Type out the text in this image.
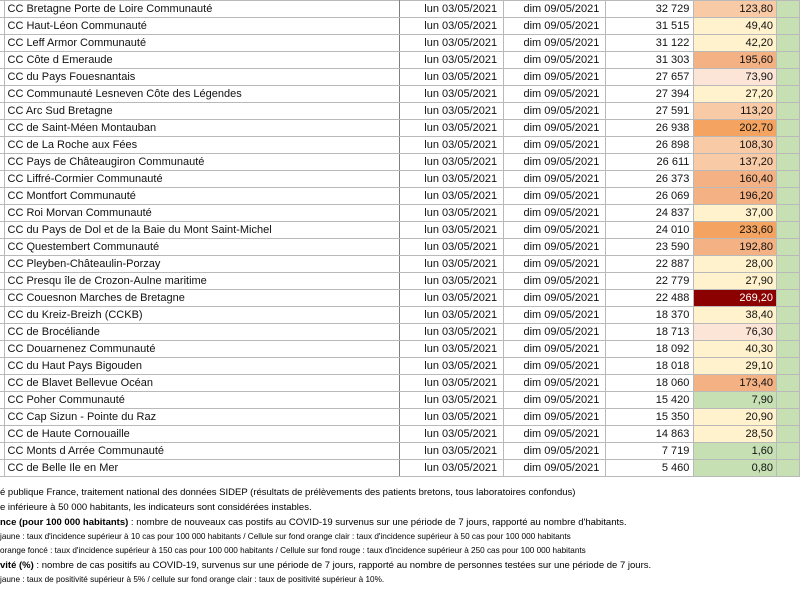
	CC Bretagne Porte de Loire Communauté	lun 03/05/2021	dim 09/05/2021	32 729	123,80	
	CC Haut-Léon Communauté	lun 03/05/2021	dim 09/05/2021	31 515	49,40	
	CC Leff Armor Communauté	lun 03/05/2021	dim 09/05/2021	31 122	42,20	
	CC Côte d Emeraude	lun 03/05/2021	dim 09/05/2021	31 303	195,60	
	CC du Pays Fouesnantais	lun 03/05/2021	dim 09/05/2021	27 657	73,90	
	CC Communauté Lesneven Côte des Légendes	lun 03/05/2021	dim 09/05/2021	27 394	27,20	
	CC Arc Sud Bretagne	lun 03/05/2021	dim 09/05/2021	27 591	113,20	
	CC de Saint-Méen Montauban	lun 03/05/2021	dim 09/05/2021	26 938	202,70	
	CC de La Roche aux Fées	lun 03/05/2021	dim 09/05/2021	26 898	108,30	
	CC Pays de Châteaugiron Communauté	lun 03/05/2021	dim 09/05/2021	26 611	137,20	
	CC Liffré-Cormier Communauté	lun 03/05/2021	dim 09/05/2021	26 373	160,40	
	CC Montfort Communauté	lun 03/05/2021	dim 09/05/2021	26 069	196,20	
	CC Roi Morvan Communauté	lun 03/05/2021	dim 09/05/2021	24 837	37,00	
	CC du Pays de Dol et de la Baie du Mont Saint-Michel	lun 03/05/2021	dim 09/05/2021	24 010	233,60	
	CC Questembert Communauté	lun 03/05/2021	dim 09/05/2021	23 590	192,80	
	CC Pleyben-Châteaulin-Porzay	lun 03/05/2021	dim 09/05/2021	22 887	28,00	
	CC Presqu île de Crozon-Aulne maritime	lun 03/05/2021	dim 09/05/2021	22 779	27,90	
	CC Couesnon Marches de Bretagne	lun 03/05/2021	dim 09/05/2021	22 488	269,20	
	CC du Kreiz-Breizh (CCKB)	lun 03/05/2021	dim 09/05/2021	18 370	38,40	
	CC de Brocéliande	lun 03/05/2021	dim 09/05/2021	18 713	76,30	
	CC Douarnenez Communauté	lun 03/05/2021	dim 09/05/2021	18 092	40,30	
	CC du Haut Pays Bigouden	lun 03/05/2021	dim 09/05/2021	18 018	29,10	
	CC de Blavet Bellevue Océan	lun 03/05/2021	dim 09/05/2021	18 060	173,40	
	CC Poher Communauté	lun 03/05/2021	dim 09/05/2021	15 420	7,90	
	CC Cap Sizun - Pointe du Raz	lun 03/05/2021	dim 09/05/2021	15 350	20,90	
	CC de Haute Cornouaille	lun 03/05/2021	dim 09/05/2021	14 863	28,50	
	CC Monts d Arrée Communauté	lun 03/05/2021	dim 09/05/2021	7 719	1,60	
	CC de Belle Ile en Mer	lun 03/05/2021	dim 09/05/2021	5 460	0,80	
é publique France, traitement national des données SIDEP (résultats de prélèvements des patients bretons, tous laboratoires confondus)
e inférieure à 50 000 habitants, les indicateurs sont considérées instables.
nce (pour 100 000 habitants) : nombre de nouveaux cas postifs au COVID-19 survenus sur une période de 7 jours, rapporté au nombre d'habitants.
jaune : taux d'incidence supérieur à 10 cas pour 100 000 habitants / Cellule sur fond orange clair : taux d'incidence supérieur à 50 cas pour 100 000 habitants
orange foncé : taux d'incidence supérieur à 150 cas pour 100 000 habitants / Cellule sur fond rouge : taux d'incidence supérieur à 250 cas pour 100 000 habitants
vité (%) : nombre de cas positifs au COVID-19, survenus sur une période de 7 jours, rapporté au nombre de personnes testées sur une période de 7 jours.
jaune : taux de positivité supérieur à 5% / cellule sur fond orange clair : taux de positivité supérieur à 10%.
